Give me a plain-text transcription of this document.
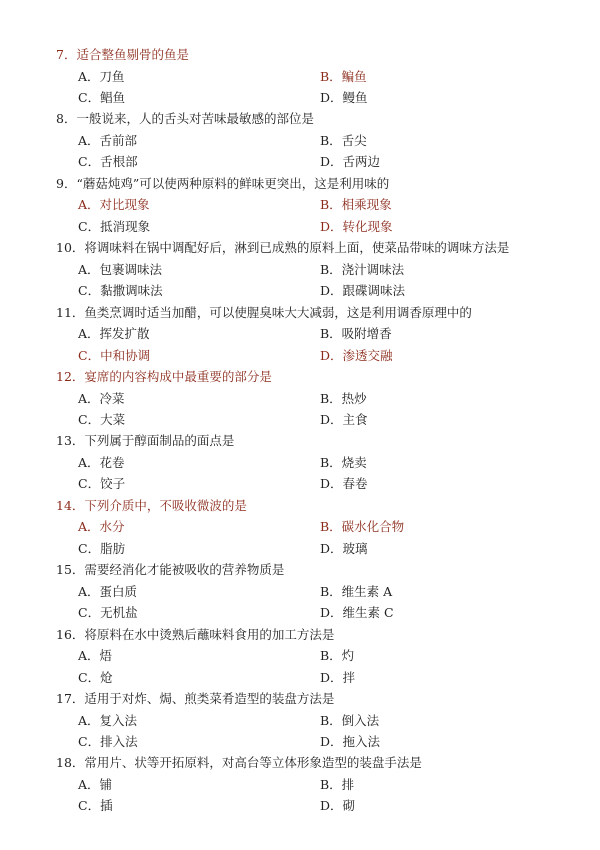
7．适合整鱼剔骨的鱼是
A．刀鱼	B．鳊鱼
C．鲳鱼	D．鳗鱼
8．一般说来，人的舌头对苦味最敏感的部位是
A．舌前部	B．舌尖
C．舌根部	D．舌两边
9．“蘑菇炖鸡”可以使两种原料的鲜味更突出，这是利用味的
A．对比现象	B．相乘现象
C．抵消现象	D．转化现象
10．将调味料在锅中调配好后，淋到已成熟的原料上面，使菜品带味的调味方法是
A．包裹调味法	B．浇汁调味法
C．黏撒调味法	D．跟碟调味法
11．鱼类烹调时适当加醋，可以使腥臭味大大减弱，这是利用调香原理中的
A．挥发扩散	B．吸附增香
C．中和协调	D．渗透交融
12．宴席的内容构成中最重要的部分是
A．冷菜	B．热炒
C．大菜	D．主食
13．下列属于醇面制品的面点是
A．花卷	B．烧卖
C．饺子	D．春卷
14．下列介质中，不吸收微波的是
A．水分	B．碳水化合物
C．脂肪	D．玻璃
15．需要经消化才能被吸收的营养物质是
A．蛋白质	B．维生素 A
C．无机盐	D．维生素 C
16．将原料在水中烫熟后蘸味料食用的加工方法是
A．焐	B．灼
C．炝	D．拌
17．适用于对炸、焗、煎类菜肴造型的装盘方法是
A．复入法	B．倒入法
C．排入法	D．拖入法
18．常用片、状等开拓原料，对高台等立体形象造型的装盘手法是
A．铺	B．排
C．插	D．砌
